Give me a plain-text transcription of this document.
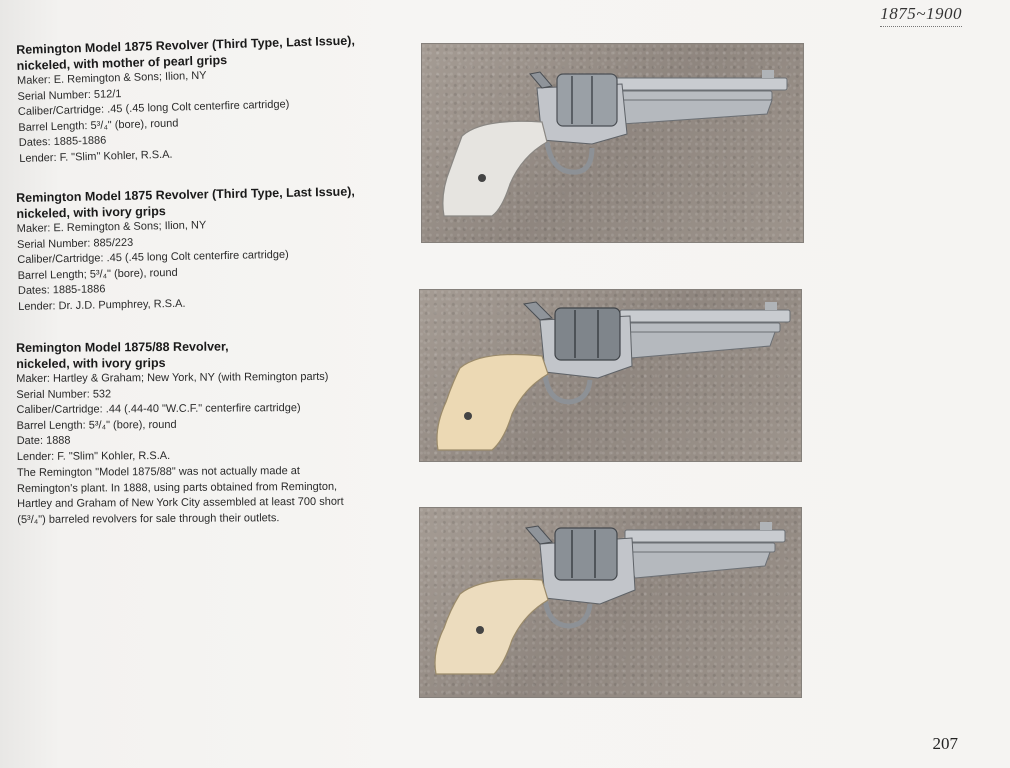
1875~1900
Remington Model 1875 Revolver (Third Type, Last Issue),
nickeled, with mother of pearl grips
Maker: E. Remington & Sons; Ilion, NY
Serial Number: 512/1
Caliber/Cartridge: .45 (.45 long Colt centerfire cartridge)
Barrel Length: 5³/₄" (bore), round
Dates: 1885-1886
Lender: F. "Slim" Kohler, R.S.A.
Remington Model 1875 Revolver (Third Type, Last Issue),
nickeled, with ivory grips
Maker: E. Remington & Sons; Ilion, NY
Serial Number: 885/223
Caliber/Cartridge: .45 (.45 long Colt centerfire cartridge)
Barrel Length; 5³/₄" (bore), round
Dates: 1885-1886
Lender: Dr. J.D. Pumphrey, R.S.A.
Remington Model 1875/88 Revolver,
nickeled, with ivory grips
Maker: Hartley & Graham; New York, NY (with Remington parts)
Serial Number: 532
Caliber/Cartridge: .44 (.44-40 "W.C.F." centerfire cartridge)
Barrel Length: 5³/₄" (bore), round
Date: 1888
Lender: F. "Slim" Kohler, R.S.A.
The Remington "Model 1875/88" was not actually made at
Remington's plant. In 1888, using parts obtained from Remington,
Hartley and Graham of New York City assembled at least 700 short
(5³/₄") barreled revolvers for sale through their outlets.
207
